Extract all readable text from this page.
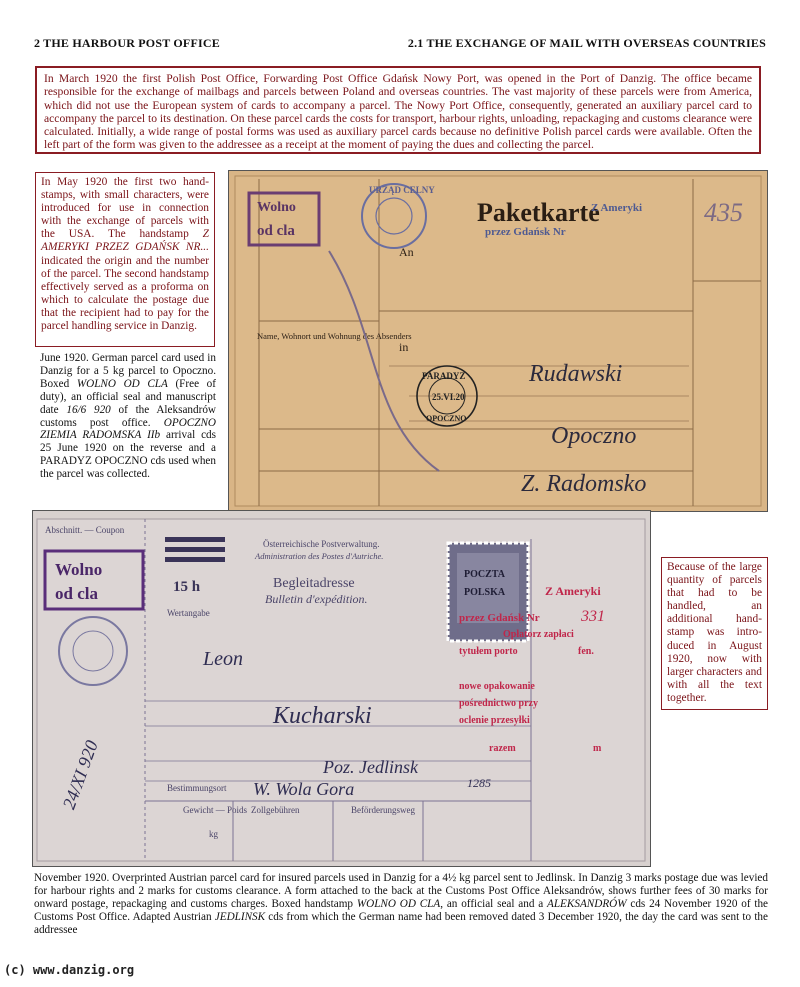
2 THE HARBOUR POST OFFICE	2.1 THE EXCHANGE OF MAIL WITH OVERSEAS COUNTRIES
In March 1920 the first Polish Post Office, Forwarding Post Office Gdańsk Nowy Port, was opened in the Port of Danzig. The office became responsible for the exchange of mailbags and parcels between Poland and overseas countries. The vast majority of these parcels were from America, which did not use the European system of cards to accompany a parcel. The Nowy Port Office, consequently, generated an auxiliary parcel card to accompany the parcel to its destination. On these parcel cards the costs for transport, harbour rights, unloading, repackaging and customs clearance were calculated. Initially, a wide range of postal forms was used as auxiliary parcel cards because no definitive Polish parcel cards were available. Often the left part of the form was given to the addressee as a receipt at the moment of paying the dues and collecting the parcel.
In May 1920 the first two hand-stamps, with small characters, were introduced for use in connection with the exchange of parcels with the USA. The handstamp Z AMERYKI PRZEZ GDAŃSK NR... indicated the origin and the number of the parcel. The second handstamp effectively served as a proforma on which to calculate the postage due that the recipient had to pay for the parcel handling service in Danzig.
June 1920. German parcel card used in Danzig for a 5 kg parcel to Opoczno. Boxed WOLNO OD CLA (Free of duty), an official seal and manuscript date 16/6 920 of the Aleksandrów customs post office. OPOCZNO ZIEMIA RADOMSKA IIb arrival cds 25 June 1920 on the reverse and a PARADYZ OPOCZNO cds used when the parcel was collected.
Wolno
od cla
URZĄD CELNY
Paketkarte
Z Ameryki
przez Gdańsk Nr
An
in
Name, Wohnort und Wohnung des Absenders
PARADYZ
25.VI.20
OPOCZNO
Rudawski
Opoczno
Z. Radomsko
435
Abschnitt. — Coupon
Wolno
od cla	15 h
Österreichische Postverwaltung.
Administration des Postes d'Autriche.
Begleitadresse
Bulletin d'expédition.
POCZTA
POLSKA	Z Ameryki
przez Gdańsk Nr	331
Opłatorz zapłaci
tytułem porto
nowe opakowanie
pośrednictwo przy
oclenie przesyłki
razem
fen.
m
Wertangabe
Bestimmungsort
Gewicht — Poids Zollgebühren	Beförderungsweg
kg
Leon
Kucharski
Poz. Jedlinsk
W. Wola Gora	1285
24/XI 920
Because of the large quantity of parcels that had to be handled, an additional hand-stamp was intro-duced in August 1920, now with larger characters and with all the text together.
November 1920. Overprinted Austrian parcel card for insured parcels used in Danzig for a 4½ kg parcel sent to Jedlinsk. In Danzig 3 marks postage due was levied for harbour rights and 2 marks for customs clearance. A form attached to the back at the Customs Post Office Aleksandrów, shows further fees of 30 marks for onward postage, repackaging and customs charges. Boxed handstamp WOLNO OD CLA, an official seal and a ALEKSANDRÓW cds 24 November 1920 of the Customs Post Office. Adapted Austrian JEDLINSK cds from which the German name had been removed dated 3 December 1920, the day the card was sent to the addressee
(c) www.danzig.org
